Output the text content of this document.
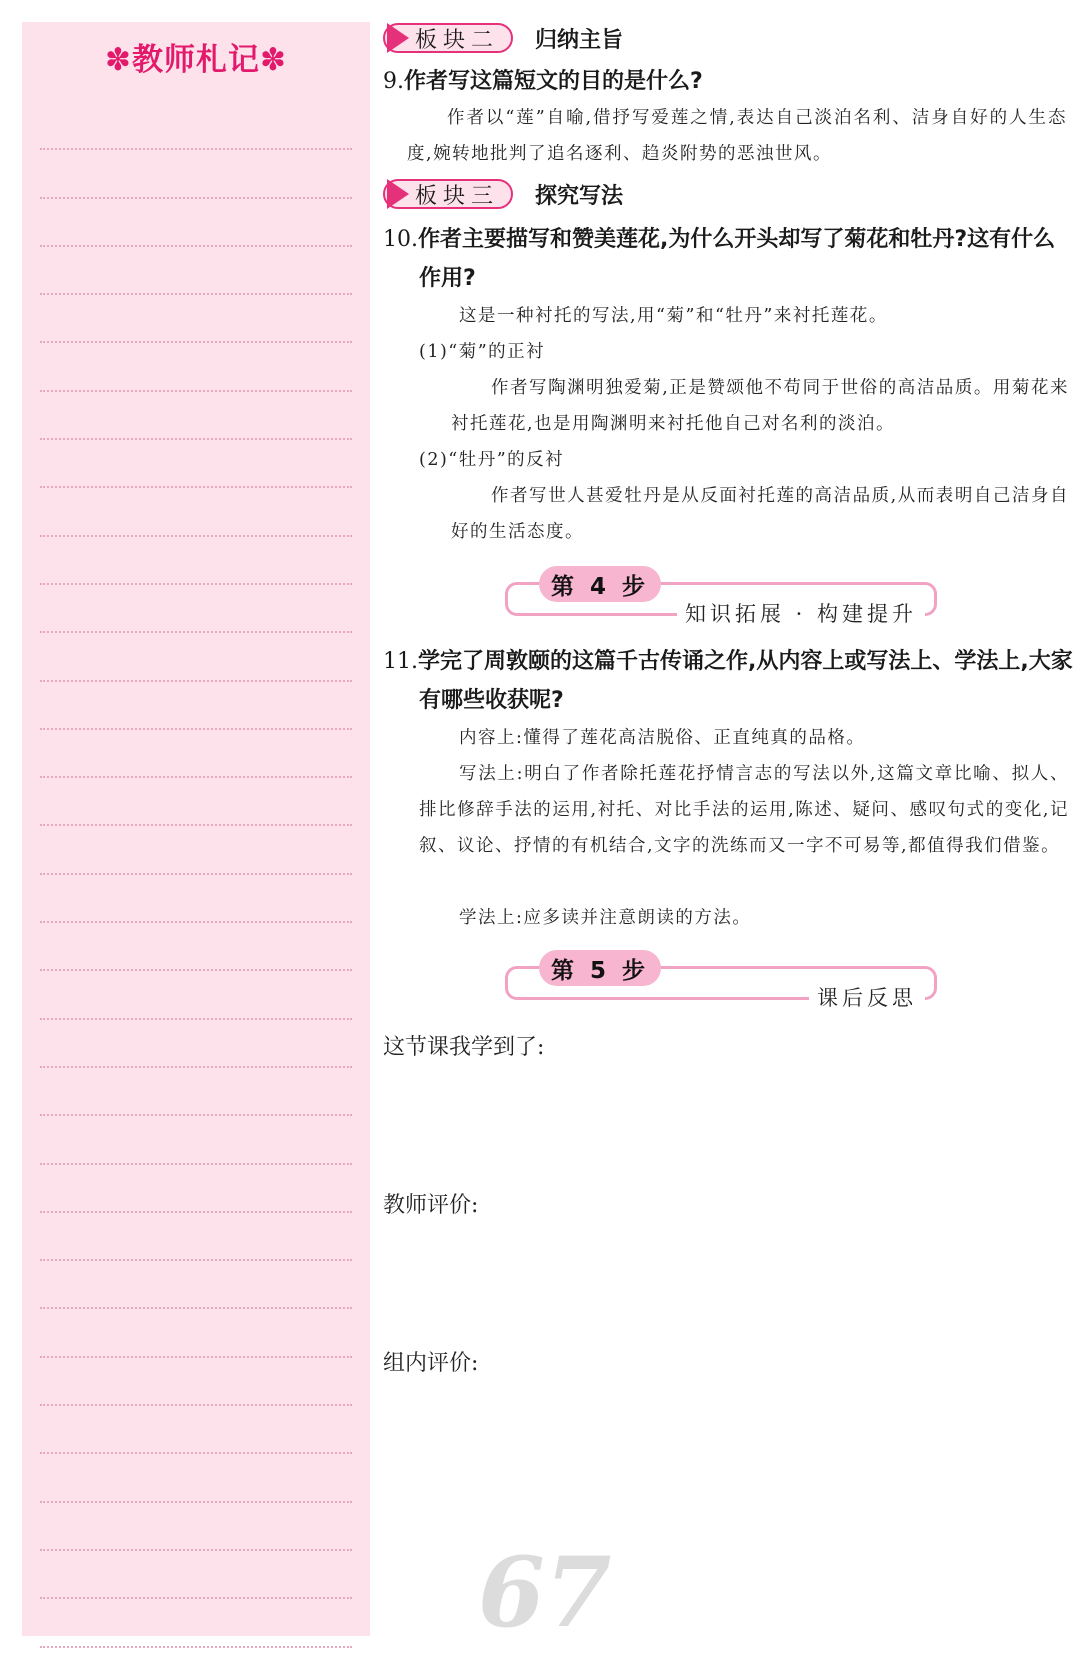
✽教师札记✽
板块二 归纳主旨
9.作者写这篇短文的目的是什么?
作者以“莲”自喻,借抒写爱莲之情,表达自己淡泊名利、洁身自好的人生态度,婉转地批判了追名逐利、趋炎附势的恶浊世风。
板块三 探究写法
10.作者主要描写和赞美莲花,为什么开头却写了菊花和牡丹?这有什么作用?
这是一种衬托的写法,用“菊”和“牡丹”来衬托莲花。
(1)“菊”的正衬
作者写陶渊明独爱菊,正是赞颂他不苟同于世俗的高洁品质。用菊花来衬托莲花,也是用陶渊明来衬托他自己对名利的淡泊。
(2)“牡丹”的反衬
作者写世人甚爱牡丹是从反面衬托莲的高洁品质,从而表明自己洁身自好的生活态度。
第 4 步
知识拓展 · 构建提升
11.学完了周敦颐的这篇千古传诵之作,从内容上或写法上、学法上,大家有哪些收获呢?
内容上:懂得了莲花高洁脱俗、正直纯真的品格。
写法上:明白了作者除托莲花抒情言志的写法以外,这篇文章比喻、拟人、排比修辞手法的运用,衬托、对比手法的运用,陈述、疑问、感叹句式的变化,记叙、议论、抒情的有机结合,文字的洗练而又一字不可易等,都值得我们借鉴。
学法上:应多读并注意朗读的方法。
第 5 步
课后反思
这节课我学到了:
教师评价:
组内评价:
67
